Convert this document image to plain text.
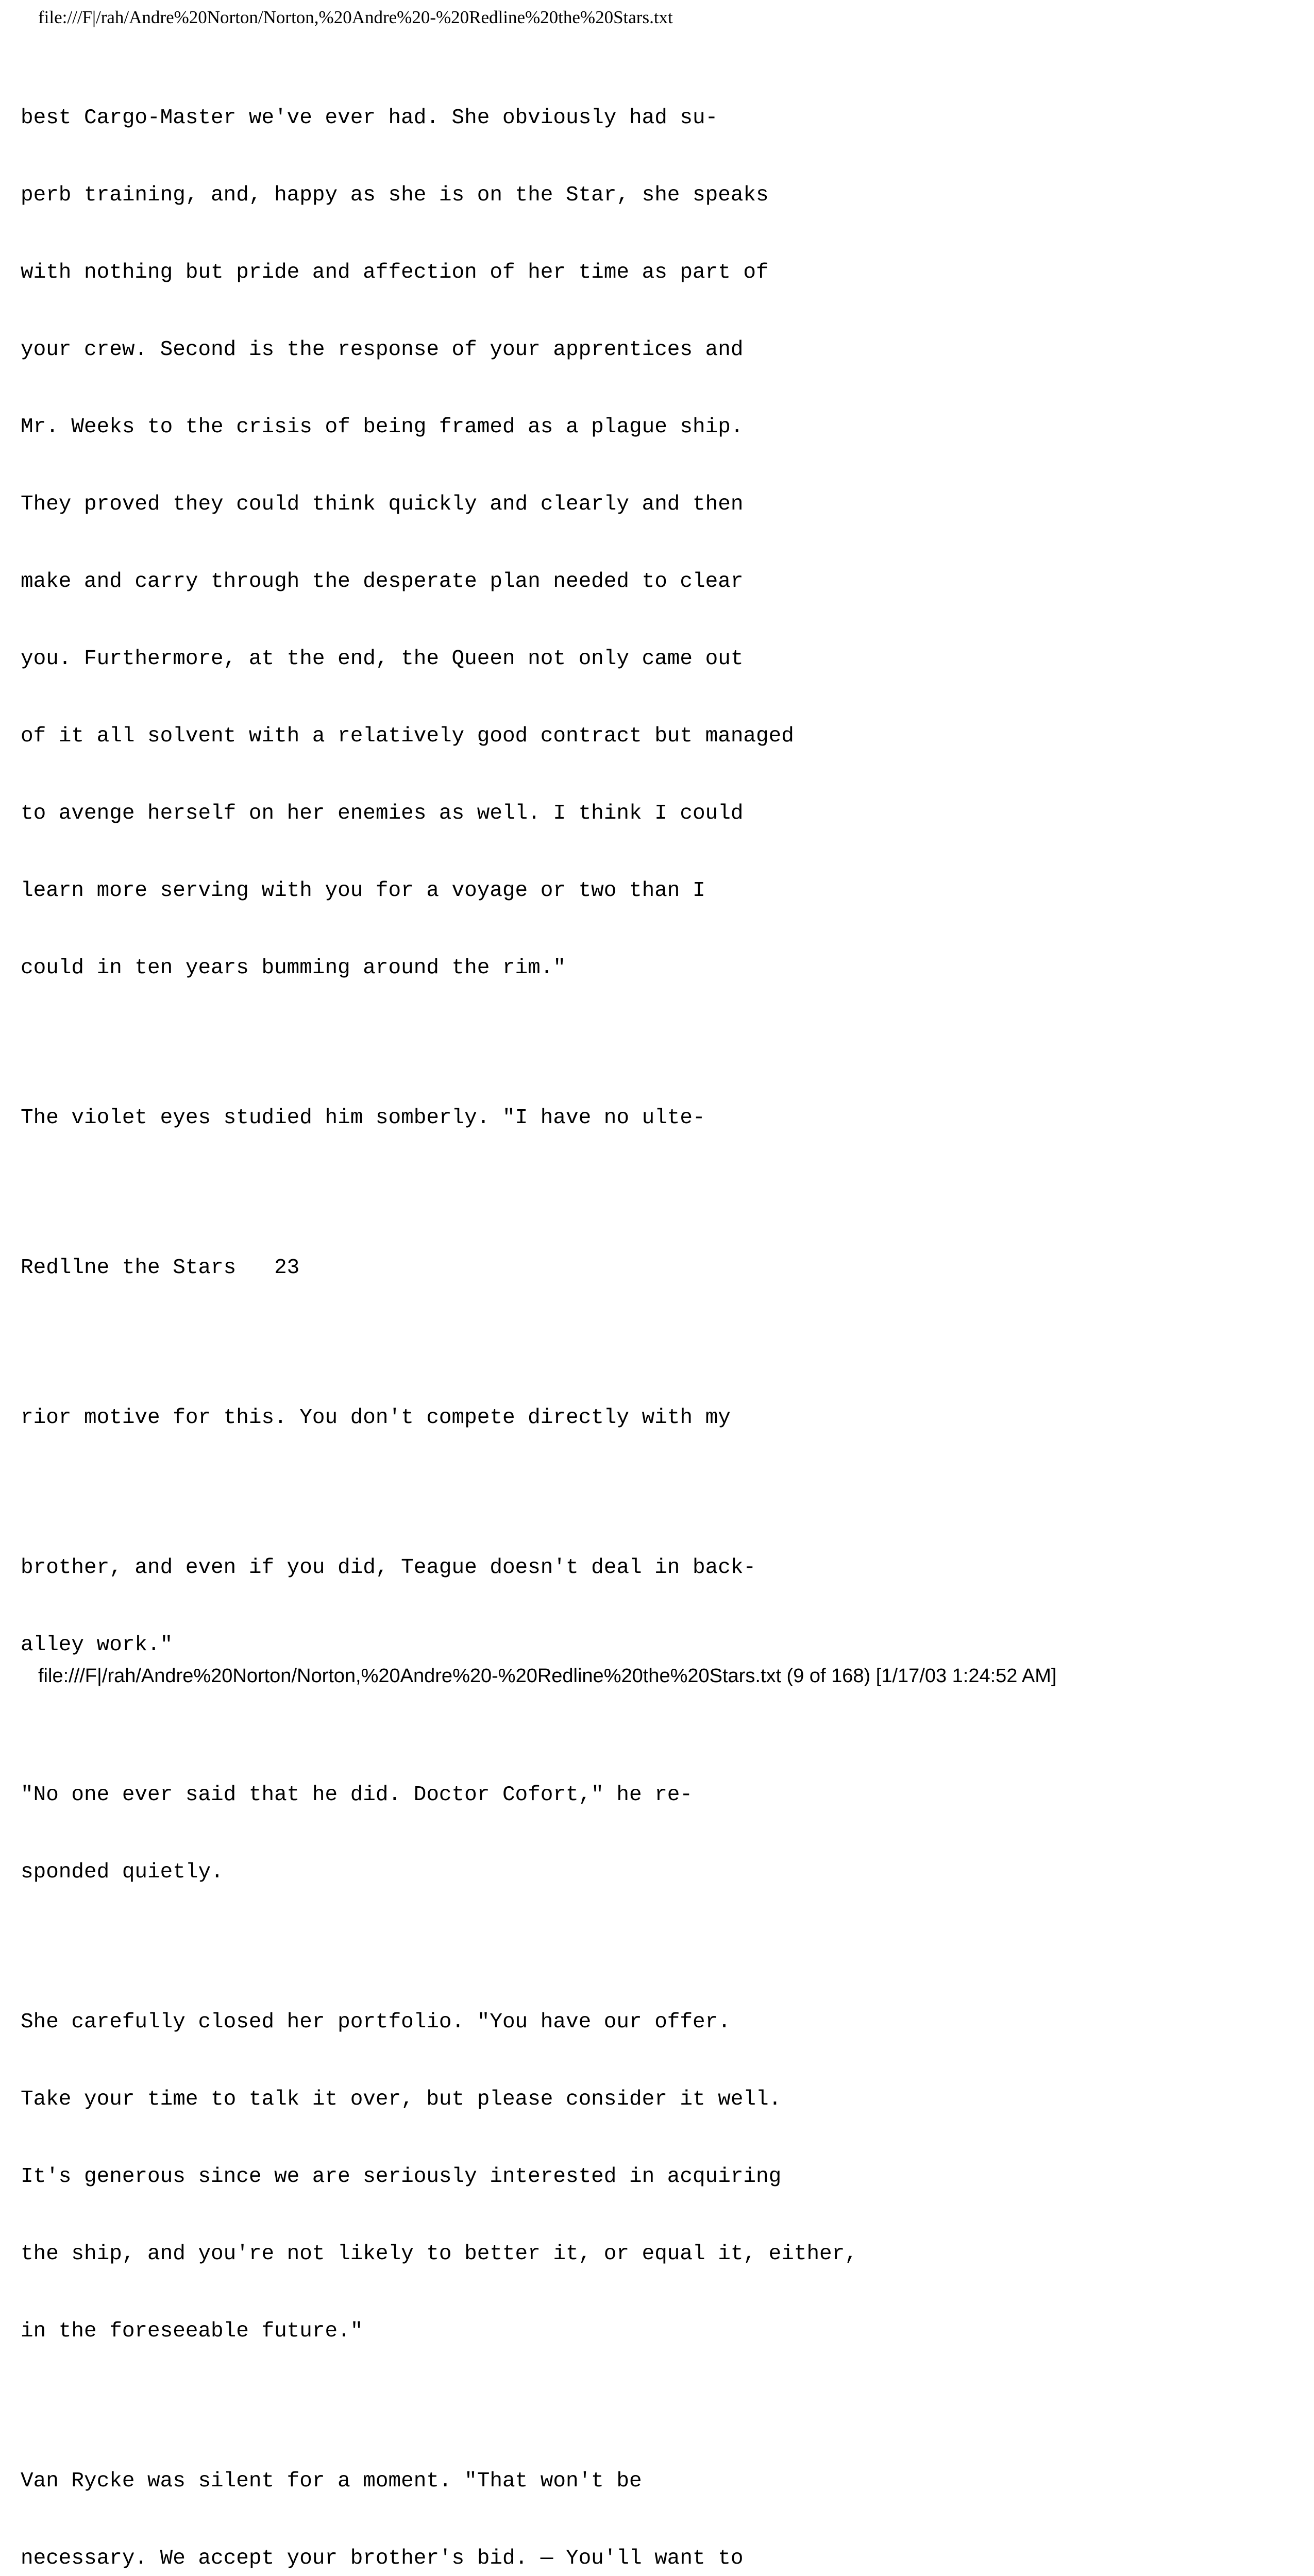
file:///F|/rah/Andre%20Norton/Norton,%20Andre%20-%20Redline%20the%20Stars.txt

best Cargo-Master we've ever had. She obviously had su-

perb training, and, happy as she is on the Star, she speaks

with nothing but pride and affection of her time as part of

your crew. Second is the response of your apprentices and

Mr. Weeks to the crisis of being framed as a plague ship.

They proved they could think quickly and clearly and then

make and carry through the desperate plan needed to clear

you. Furthermore, at the end, the Queen not only came out

of it all solvent with a relatively good contract but managed

to avenge herself on her enemies as well. I think I could

learn more serving with you for a voyage or two than I

could in ten years bumming around the rim."

The violet eyes studied him somberly. "I have no ulte-

Redllne the Stars   23

rior motive for this. You don't compete directly with my

brother, and even if you did, Teague doesn't deal in back-

alley work."

"No one ever said that he did. Doctor Cofort," he re-

sponded quietly.

She carefully closed her portfolio. "You have our offer.

Take your time to talk it over, but please consider it well.

It's generous since we are seriously interested in acquiring

the ship, and you're not likely to better it, or equal it, either,

in the foreseeable future."

Van Rycke was silent for a moment. "That won't be

necessary. We accept your brother's bid. — You'll want to

file:///F|/rah/Andre%20Norton/Norton,%20Andre%20-%20Redline%20the%20Stars.txt (9 of 168) [1/17/03 1:24:52 AM]
